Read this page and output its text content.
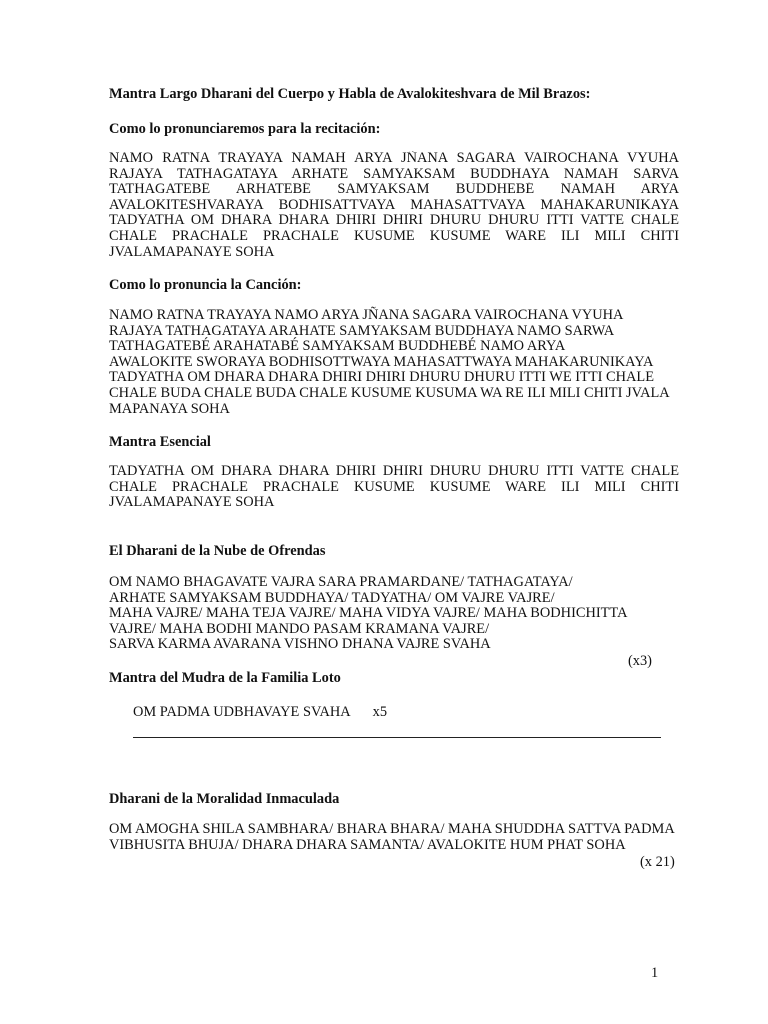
Mantra Largo Dharani del Cuerpo y Habla de Avalokiteshvara de Mil Brazos:
Como lo pronunciaremos para la recitación:
NAMO RATNA TRAYAYA NAMAH ARYA JÑANA SAGARA VAIROCHANA VYUHA
RAJAYA TATHAGATAYA ARHATE SAMYAKSAM BUDDHAYA NAMAH SARVA
TATHAGATEBÉ ARHATEBÉ SAMYAKSAM BUDDHEBÉ NAMAH ARYA
AVALOKITESHVARAYA BODHISATTVAYA MAHASATTVAYA MAHAKARUNIKAYA
TADYATHA OM DHARA DHARA DHIRI DHIRI DHURU DHURU ITTI VATTE CHALE
CHALE PRACHALE PRACHALE KUSUME KUSUME WARE ILI MILI CHITI
JVALAMAPANAYE SOHA
Como lo pronuncia la Canción:
NAMO RATNA TRAYAYA NAMO ARYA JÑANA SAGARA VAIROCHANA VYUHA
RAJAYA TATHAGATAYA ARAHATE SAMYAKSAM BUDDHAYA NAMO SARWA
TATHAGATEBÉ ARAHATABÉ SAMYAKSAM BUDDHEBÉ NAMO ARYA
AWALOKITE SWORAYA BODHISOTTWAYA MAHASATTWAYA MAHAKARUNIKAYA
TADYATHA OM DHARA DHARA DHIRI DHIRI DHURU DHURU ITTI WE ITTI CHALE
CHALE BUDA CHALE BUDA CHALE KUSUME KUSUMA WA RE ILI MILI CHITI JVALA
MAPANAYA SOHA
Mantra Esencial
TADYATHA OM DHARA DHARA DHIRI DHIRI DHURU DHURU ITTI VATTE CHALE
CHALE PRACHALE PRACHALE KUSUME KUSUME WARE ILI MILI CHITI
JVALAMAPANAYE SOHA
El Dharani de la Nube de Ofrendas
OM NAMO BHAGAVATE VAJRA SARA PRAMARDANE/ TATHAGATAYA/
ARHATE SAMYAKSAM BUDDHAYA/ TADYATHA/ OM VAJRE VAJRE/
MAHA VAJRE/ MAHA TEJA VAJRE/ MAHA VIDYA VAJRE/ MAHA BODHICHITTA
VAJRE/ MAHA BODHI MANDO PASAM KRAMANA VAJRE/
SARVA KARMA AVARANA VISHNO DHANA VAJRE SVAHA
(x3)
Mantra del Mudra de la Familia Loto
OM PADMA UDBHAVAYE SVAHA x5
Dharani de la Moralidad Inmaculada
OM AMOGHA SHILA SAMBHARA/ BHARA BHARA/ MAHA SHUDDHA SATTVA PADMA
VIBHUSITA BHUJA/ DHARA DHARA SAMANTA/ AVALOKITE HUM PHAT SOHA
(x 21)
1
